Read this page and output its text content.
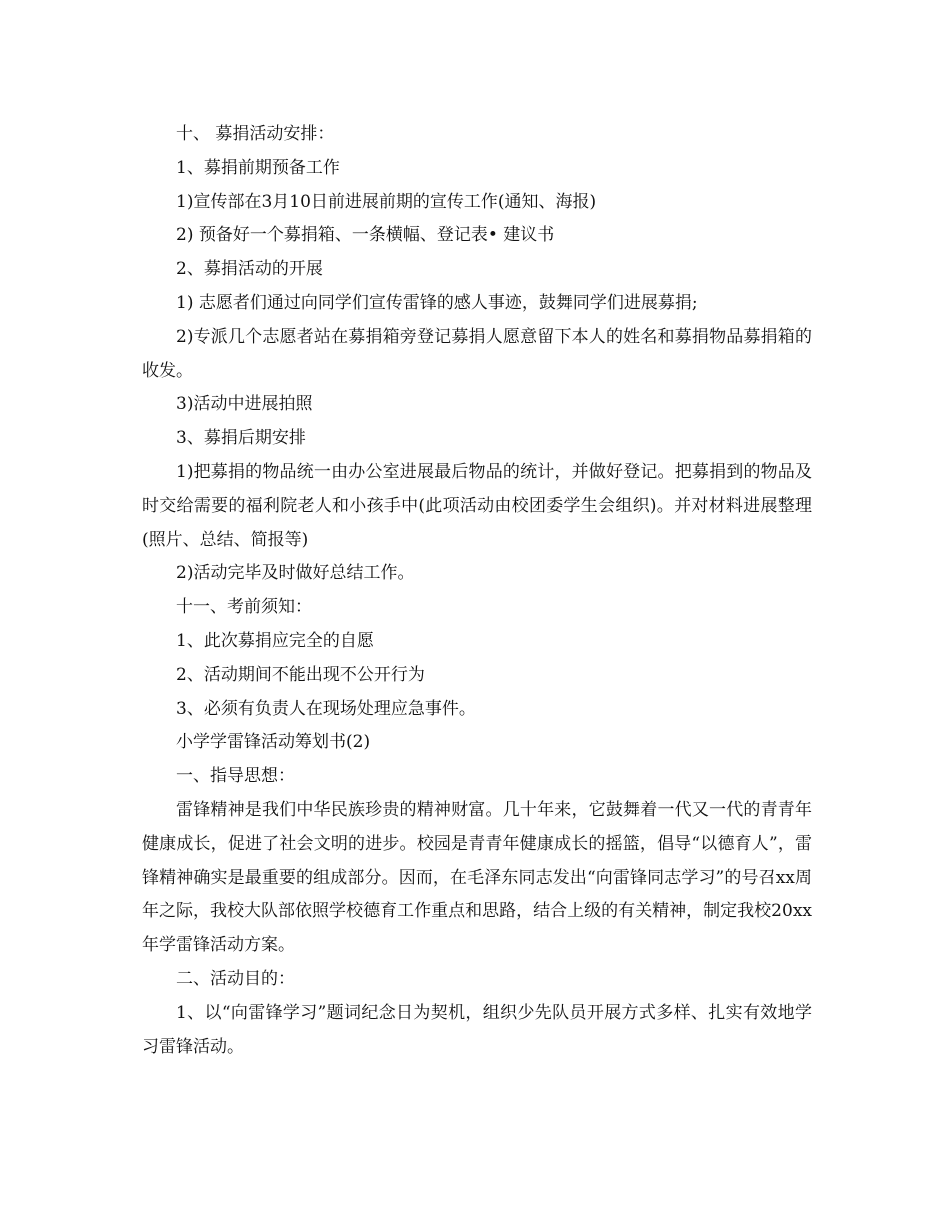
十、 募捐活动安排：

1、募捐前期预备工作

1)宣传部在3月10日前进展前期的宣传工作(通知、海报)

2) 预备好一个募捐箱、一条横幅、登记表• 建议书

2、募捐活动的开展

1) 志愿者们通过向同学们宣传雷锋的感人事迹，鼓舞同学们进展募捐;

2)专派几个志愿者站在募捐箱旁登记募捐人愿意留下本人的姓名和募捐物品募捐箱的收发。

3)活动中进展拍照

3、募捐后期安排

1)把募捐的物品统一由办公室进展最后物品的统计，并做好登记。把募捐到的物品及时交给需要的福利院老人和小孩手中(此项活动由校团委学生会组织)。并对材料进展整理(照片、总结、简报等)

2)活动完毕及时做好总结工作。

十一、考前须知：

1、此次募捐应完全的自愿

2、活动期间不能出现不公开行为

3、必须有负责人在现场处理应急事件。

小学学雷锋活动筹划书(2)

一、指导思想：

雷锋精神是我们中华民族珍贵的精神财富。几十年来，它鼓舞着一代又一代的青青年健康成长，促进了社会文明的进步。校园是青青年健康成长的摇篮，倡导“以德育人”，雷锋精神确实是最重要的组成部分。因而，在毛泽东同志发出“向雷锋同志学习”的号召xx周年之际，我校大队部依照学校德育工作重点和思路，结合上级的有关精神，制定我校20xx年学雷锋活动方案。

二、活动目的：

1、以“向雷锋学习”题词纪念日为契机，组织少先队员开展方式多样、扎实有效地学习雷锋活动。
